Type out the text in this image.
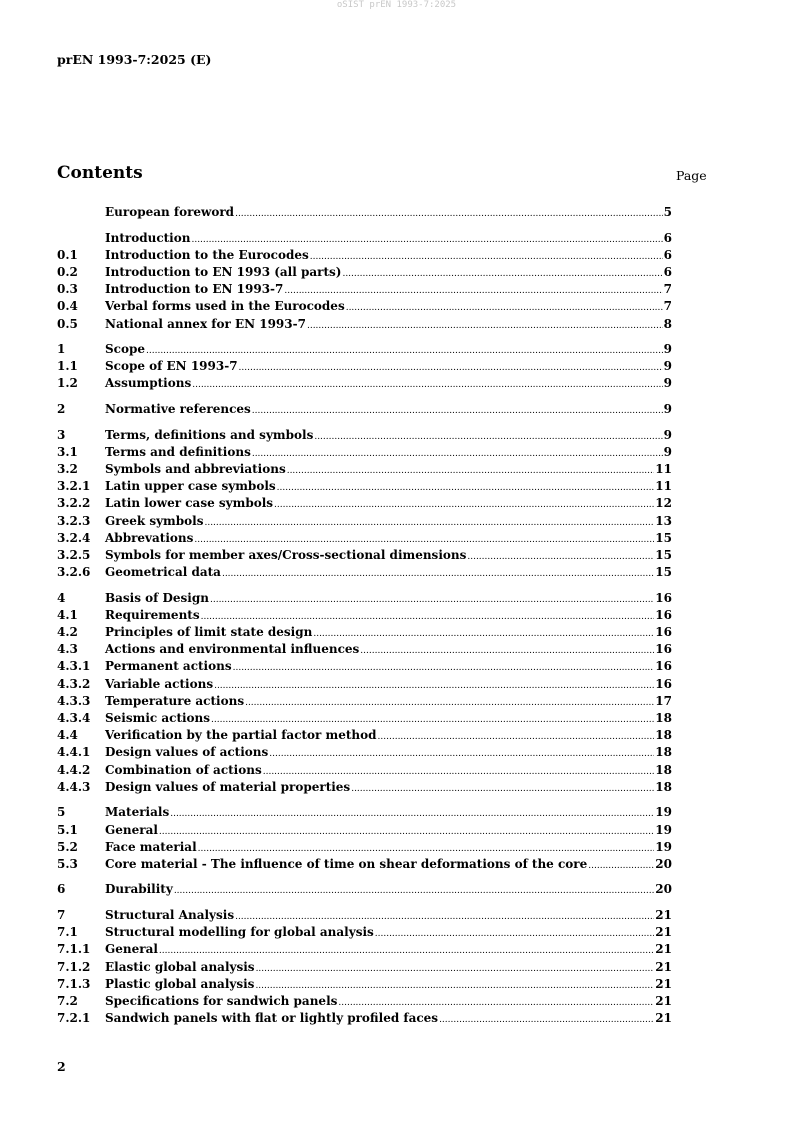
oSIST prEN 1993-7:2025
prEN 1993-7:2025 (E)
Contents	Page
European foreword .....	5
Introduction .....	6
0.1	Introduction to the Eurocodes .....	6
0.2	Introduction to EN 1993 (all parts) .....	6
0.3	Introduction to EN 1993-7 .....	7
0.4	Verbal forms used in the Eurocodes .....	7
0.5	National annex for EN 1993-7 .....	8
1	Scope .....	9
1.1	Scope of EN 1993-7 .....	9
1.2	Assumptions .....	9
2	Normative references .....	9
3	Terms, definitions and symbols .....	9
3.1	Terms and definitions .....	9
3.2	Symbols and abbreviations .....	11
3.2.1	Latin upper case symbols .....	11
3.2.2	Latin lower case symbols .....	12
3.2.3	Greek symbols .....	13
3.2.4	Abbrevations .....	15
3.2.5	Symbols for member axes/Cross-sectional dimensions .....	15
3.2.6	Geometrical data .....	15
4	Basis of Design .....	16
4.1	Requirements .....	16
4.2	Principles of limit state design .....	16
4.3	Actions and environmental influences .....	16
4.3.1	Permanent actions .....	16
4.3.2	Variable actions .....	16
4.3.3	Temperature actions .....	17
4.3.4	Seismic actions .....	18
4.4	Verification by the partial factor method .....	18
4.4.1	Design values of actions .....	18
4.4.2	Combination of actions .....	18
4.4.3	Design values of material properties .....	18
5	Materials .....	19
5.1	General .....	19
5.2	Face material .....	19
5.3	Core material - The influence of time on shear deformations of the core .....	20
6	Durability .....	20
7	Structural Analysis .....	21
7.1	Structural modelling for global analysis .....	21
7.1.1	General .....	21
7.1.2	Elastic global analysis .....	21
7.1.3	Plastic global analysis .....	21
7.2	Specifications for sandwich panels .....	21
7.2.1	Sandwich panels with flat or lightly profiled faces .....	21
2
